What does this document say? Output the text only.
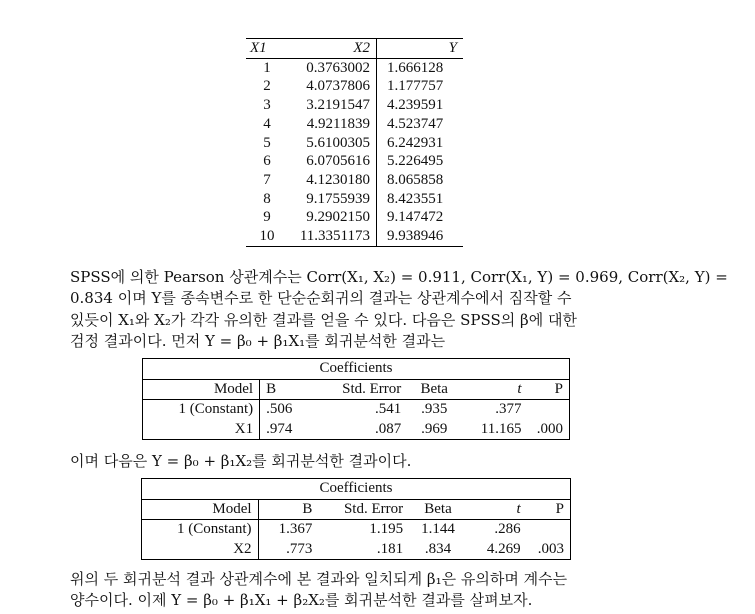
X1	X2	Y
1	0.3763002	1.666128
2	4.0737806	1.177757
3	3.2191547	4.239591
4	4.9211839	4.523747
5	5.6100305	6.242931
6	6.0705616	5.226495
7	4.1230180	8.065858
8	9.1755939	8.423551
9	9.2902150	9.147472
10	11.3351173	9.938946
SPSS에 의한 Pearson 상관계수는 Corr(X₁, X₂) = 0.911, Corr(X₁, Y) = 0.969, Corr(X₂, Y) =
0.834 이며 Y를 종속변수로 한 단순순회귀의 결과는 상관계수에서 짐작할 수
있듯이 X₁와 X₂가 각각 유의한 결과를 얻을 수 있다. 다음은 SPSS의 β에 대한
검정 결과이다. 먼저 Y = β₀ + β₁X₁를 회귀분석한 결과는
Coefficients					
Model	B	Std. Error	Beta	t	P
1 (Constant)	.506	.541	.935	.377	
X1	.974	.087	.969	11.165	.000
이며 다음은 Y = β₀ + β₁X₂를 회귀분석한 결과이다.
Coefficients					
Model	B	Std. Error	Beta	t	P
1 (Constant)	1.367	1.195	1.144	.286	
X2	.773	.181	.834	4.269	.003
위의 두 회귀분석 결과 상관계수에 본 결과와 일치되게 β₁은 유의하며 계수는
양수이다. 이제 Y = β₀ + β₁X₁ + β₂X₂를 회귀분석한 결과를 살펴보자.
